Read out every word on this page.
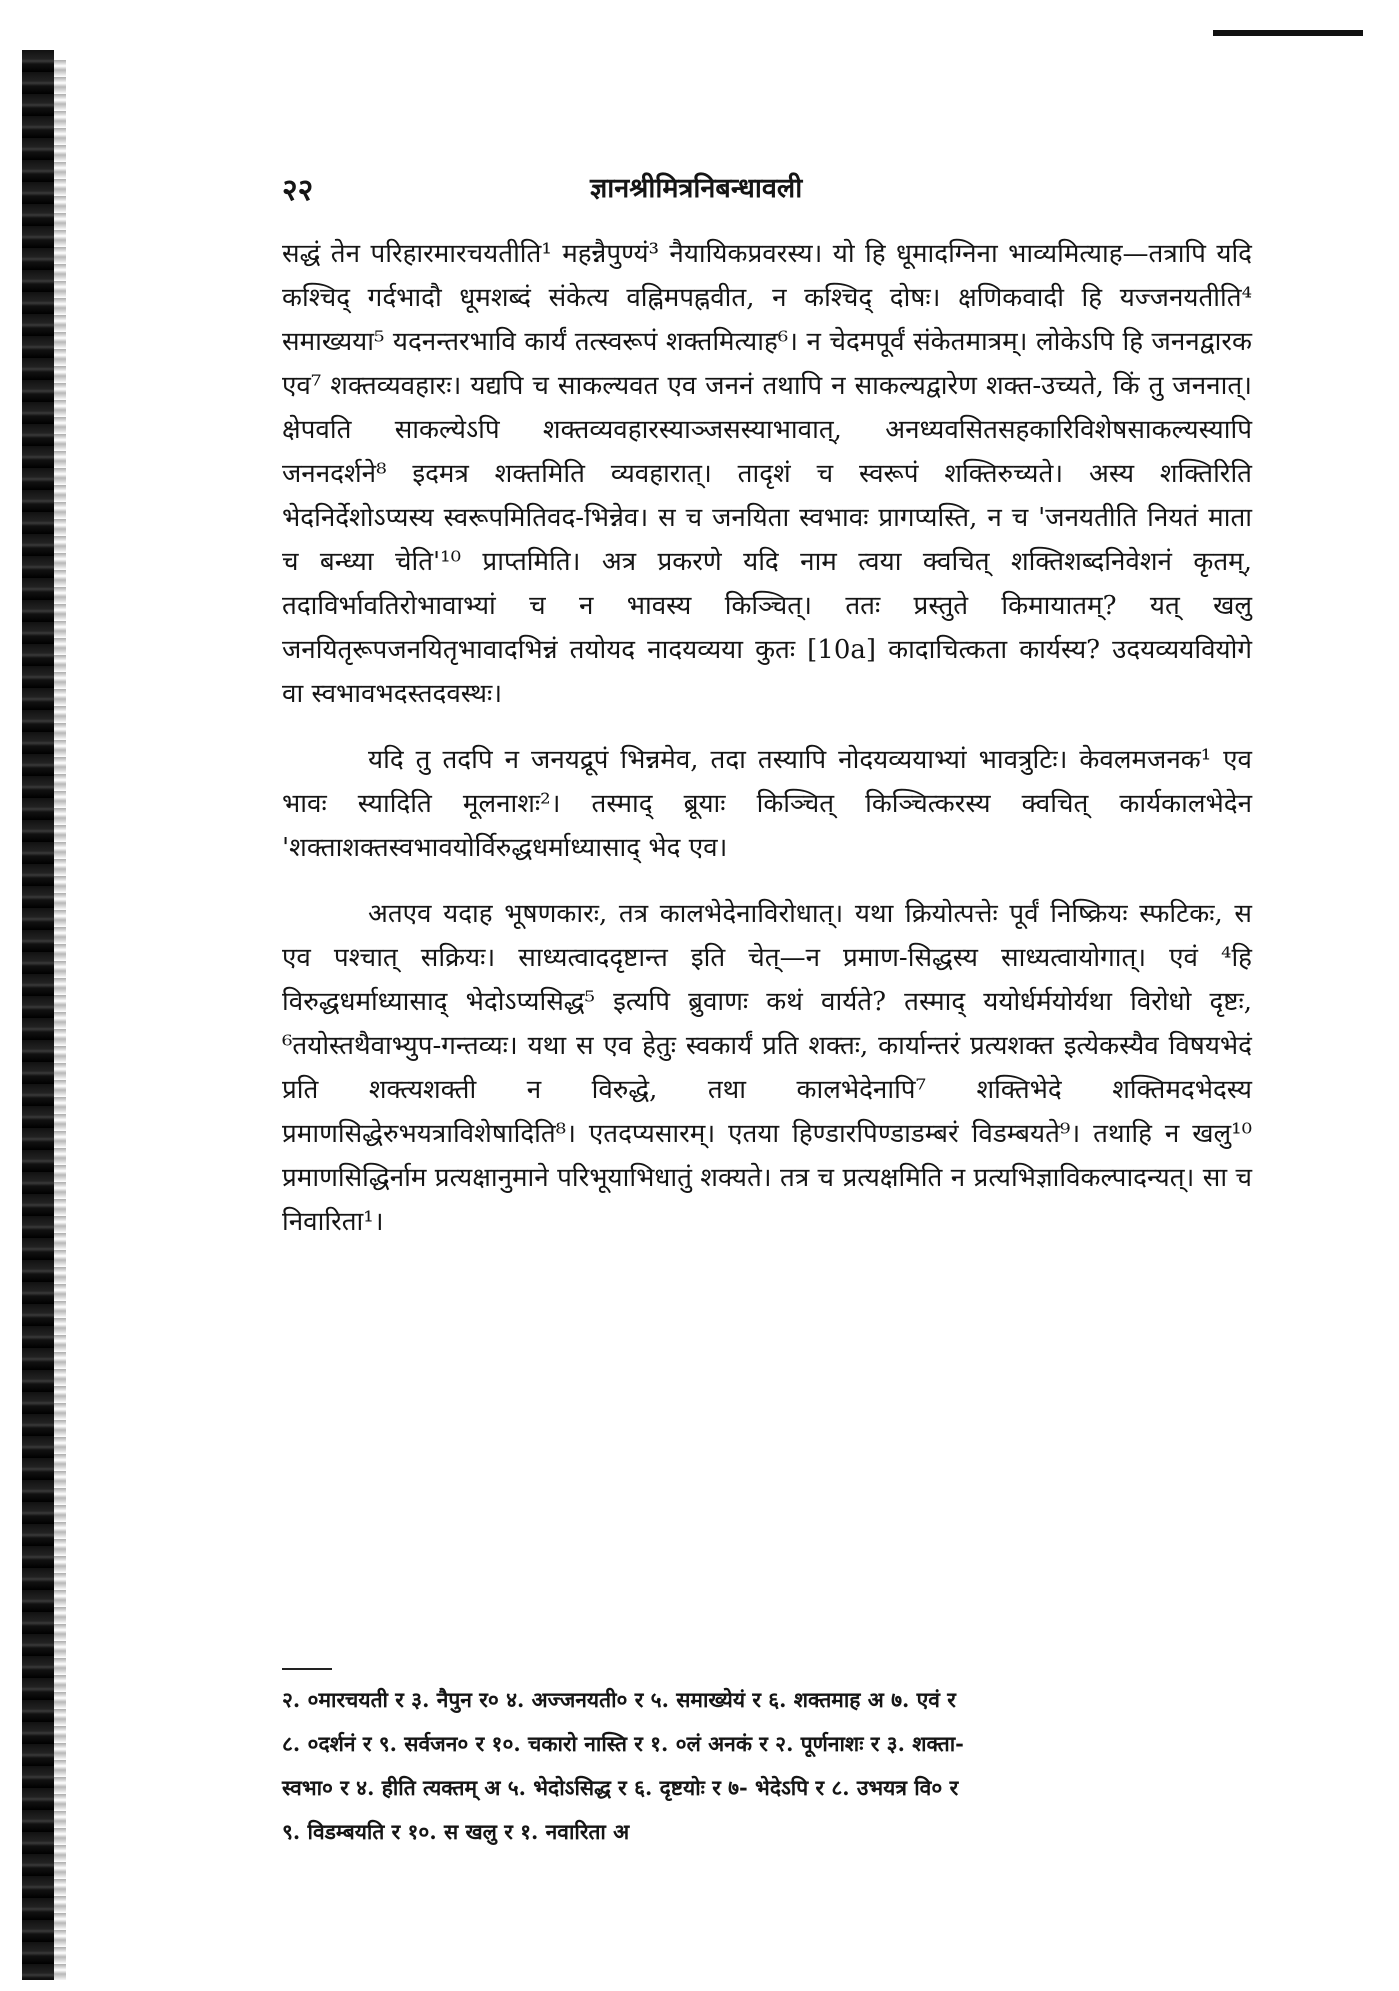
२२	ज्ञानश्रीमित्रनिबन्धावली

सद्धं तेन परिहारमारचयतीति¹ महन्नैपुण्यं³ नैयायिकप्रवरस्य। यो हि धूमादग्निना भाव्यमित्याह—तत्रापि यदि कश्चिद् गर्दभादौ धूमशब्दं संकेत्य वह्निमपह्नवीत, न कश्चिद् दोषः। क्षणिकवादी हि यज्जनयतीति⁴ समाख्यया⁵ यदनन्तरभावि कार्यं तत्स्वरूपं शक्तमित्याह⁶। न चेदमपूर्वं संकेतमात्रम्। लोकेऽपि हि जननद्वारक एव⁷ शक्तव्यवहारः। यद्यपि च साकल्यवत एव जननं तथापि न साकल्यद्वारेण शक्त-उच्यते, किं तु जननात्। क्षेपवति साकल्येऽपि शक्तव्यवहारस्याञ्जसस्याभावात्, अनध्यवसितसहकारिविशेषसाकल्यस्यापि जननदर्शने⁸ इदमत्र शक्तमिति व्यवहारात्। तादृशं च स्वरूपं शक्तिरुच्यते। अस्य शक्तिरिति भेदनिर्देशोऽप्यस्य स्वरूपमितिवद-भिन्नेव। स च जनयिता स्वभावः प्रागप्यस्ति, न च 'जनयतीति नियतं माता च बन्ध्या चेति'¹⁰ प्राप्तमिति। अत्र प्रकरणे यदि नाम त्वया क्वचित् शक्तिशब्दनिवेशनं कृतम्, तदाविर्भावतिरोभावाभ्यां च न भावस्य किञ्चित्। ततः प्रस्तुते किमायातम्? यत् खलु जनयितृरूपजनयितृभावादभिन्नं तयोयद नादयव्यया कुतः [10a] कादाचित्कता कार्यस्य? उदयव्ययवियोगे वा स्वभावभदस्तदवस्थः।

यदि तु तदपि न जनयद्रूपं भिन्नमेव, तदा तस्यापि नोदयव्ययाभ्यां भावत्रुटिः। केवलमजनक¹ एव भावः स्यादिति मूलनाशः²। तस्माद् ब्रूयाः किञ्चित् किञ्चित्करस्य क्वचित् कार्यकालभेदेन 'शक्ताशक्तस्वभावयोर्विरुद्धधर्माध्यासाद् भेद एव।

अतएव यदाह भूषणकारः, तत्र कालभेदेनाविरोधात्। यथा क्रियोत्पत्तेः पूर्वं निष्क्रियः स्फटिकः, स एव पश्चात् सक्रियः। साध्यत्वाददृष्टान्त इति चेत्—न प्रमाण-सिद्धस्य साध्यत्वायोगात्। एवं ⁴हि विरुद्धधर्माध्यासाद् भेदोऽप्यसिद्ध⁵ इत्यपि ब्रुवाणः कथं वार्यते? तस्माद् ययोर्धर्मयोर्यथा विरोधो दृष्टः, ⁶तयोस्तथैवाभ्युप-गन्तव्यः। यथा स एव हेतुः स्वकार्यं प्रति शक्तः, कार्यान्तरं प्रत्यशक्त इत्येकस्यैव विषयभेदं प्रति शक्त्यशक्ती न विरुद्धे, तथा कालभेदेनापि⁷ शक्तिभेदे शक्तिमदभेदस्य प्रमाणसिद्धेरुभयत्राविशेषादिति⁸। एतदप्यसारम्। एतया हिण्डारपिण्डाडम्बरं विडम्बयते⁹। तथाहि न खलु¹⁰ प्रमाणसिद्धिर्नाम प्रत्यक्षानुमाने परिभूयाभिधातुं शक्यते। तत्र च प्रत्यक्षमिति न प्रत्यभिज्ञाविकल्पादन्यत्। सा च निवारिता¹।

२. ०मारचयती र ३. नैपुन र० ४. अज्जनयती० र ५. समाख्येयं र ६. शक्तमाह अ ७. एवं र
८. ०दर्शनं र ९. सर्वजन० र १०. चकारो नास्ति र १. ०लं अनकं र २. पूर्णनाशः र ३. शक्ता-
स्वभा० र ४. हीति त्यक्तम् अ ५. भेदोऽसिद्ध र ६. दृष्टयोः र ७- भेदेऽपि र ८. उभयत्र वि० र
९. विडम्बयति र १०. स खलु र १. नवारिता अ
